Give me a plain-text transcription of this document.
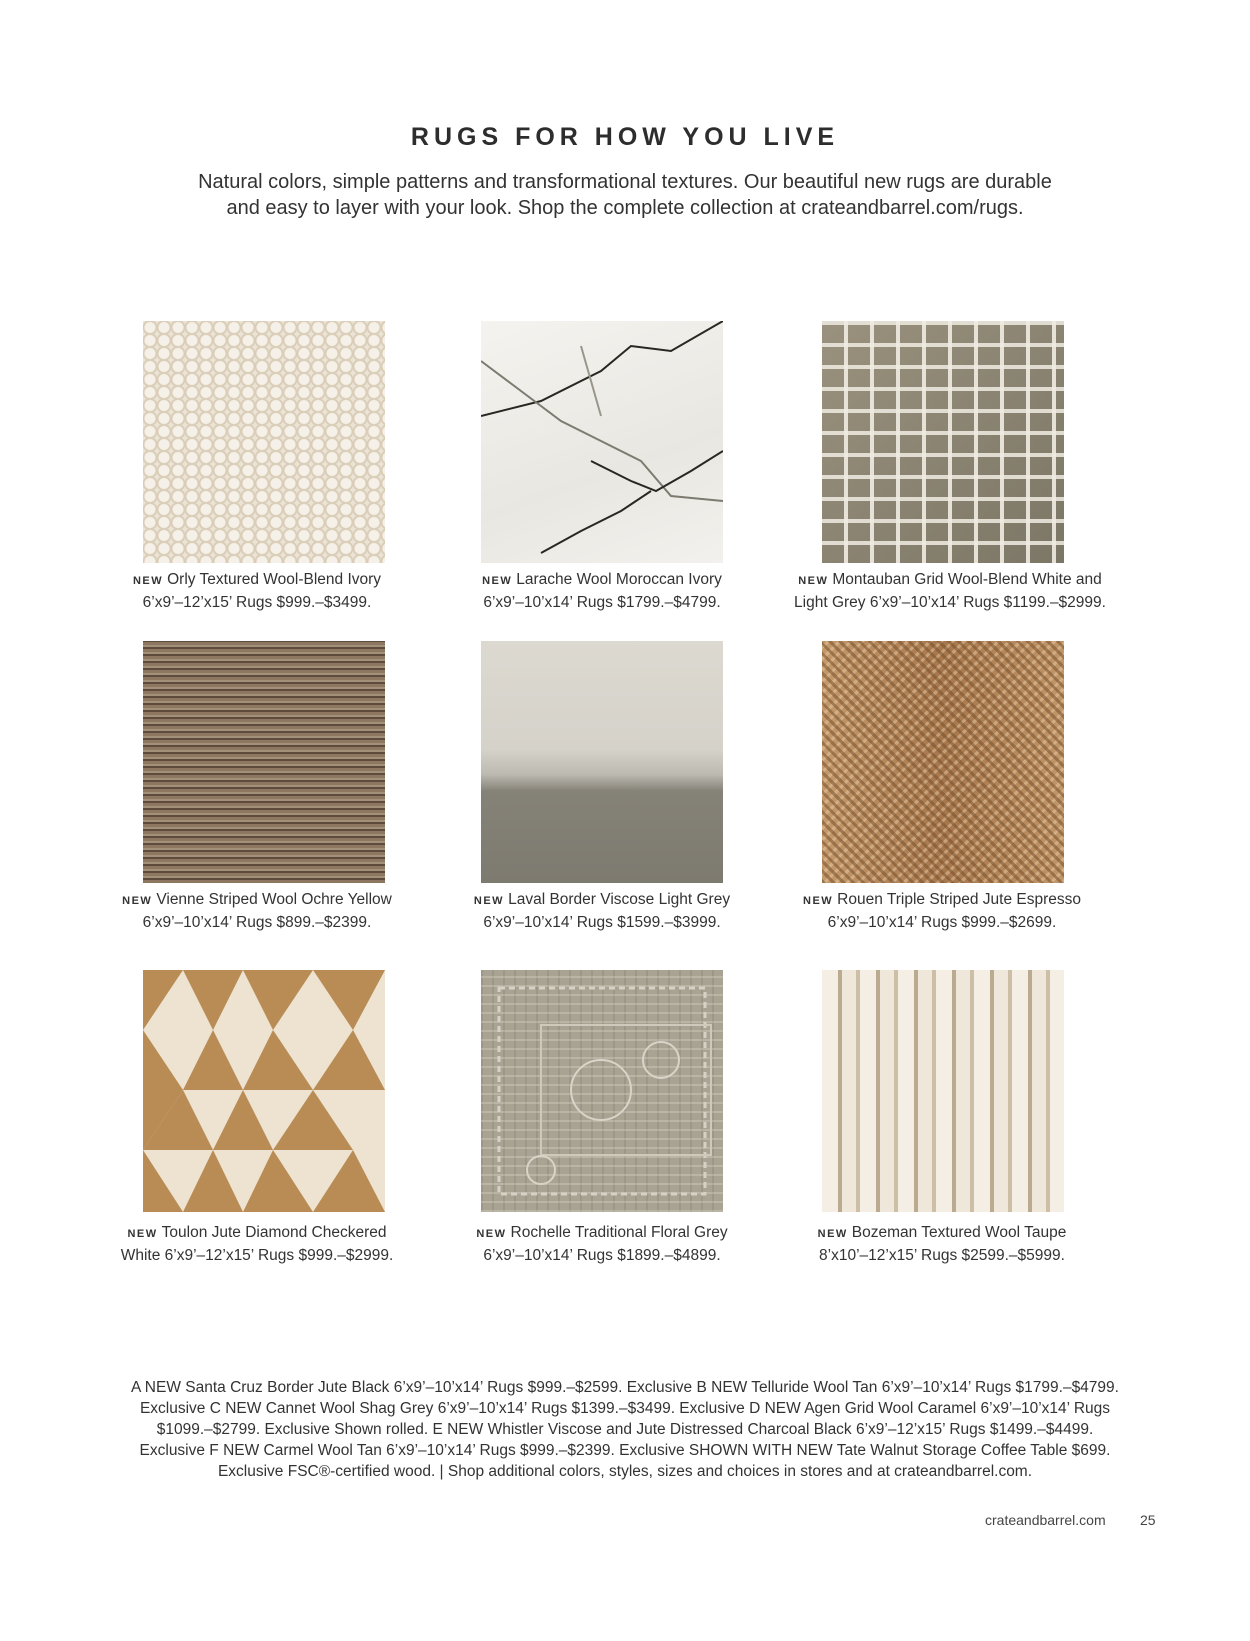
RUGS FOR HOW YOU LIVE
Natural colors, simple patterns and transformational textures. Our beautiful new rugs are durable
and easy to layer with your look. Shop the complete collection at crateandbarrel.com/rugs.
NEW Orly Textured Wool-Blend Ivory
6’x9’–12’x15’ Rugs $999.–$3499.
NEW Larache Wool Moroccan Ivory
6’x9’–10’x14’ Rugs $1799.–$4799.
NEW Montauban Grid Wool-Blend White and
Light Grey 6’x9’–10’x14’ Rugs $1199.–$2999.
NEW Vienne Striped Wool Ochre Yellow
6’x9’–10’x14’ Rugs $899.–$2399.
NEW Laval Border Viscose Light Grey
6’x9’–10’x14’ Rugs $1599.–$3999.
NEW Rouen Triple Striped Jute Espresso
6’x9’–10’x14’ Rugs $999.–$2699.
NEW Toulon Jute Diamond Checkered
White 6’x9’–12’x15’ Rugs $999.–$2999.
NEW Rochelle Traditional Floral Grey
6’x9’–10’x14’ Rugs $1899.–$4899.
NEW Bozeman Textured Wool Taupe
8’x10’–12’x15’ Rugs $2599.–$5999.
A NEW Santa Cruz Border Jute Black 6’x9’–10’x14’ Rugs $999.–$2599. Exclusive B NEW Telluride Wool Tan 6’x9’–10’x14’ Rugs $1799.–$4799.
Exclusive C NEW Cannet Wool Shag Grey 6’x9’–10’x14’ Rugs $1399.–$3499. Exclusive D NEW Agen Grid Wool Caramel 6’x9’–10’x14’ Rugs
$1099.–$2799. Exclusive Shown rolled. E NEW Whistler Viscose and Jute Distressed Charcoal Black 6’x9’–12’x15’ Rugs $1499.–$4499.
Exclusive F NEW Carmel Wool Tan 6’x9’–10’x14’ Rugs $999.–$2399. Exclusive SHOWN WITH NEW Tate Walnut Storage Coffee Table $699.
Exclusive FSC®-certified wood. | Shop additional colors, styles, sizes and choices in stores and at crateandbarrel.com.
crateandbarrel.com 25
